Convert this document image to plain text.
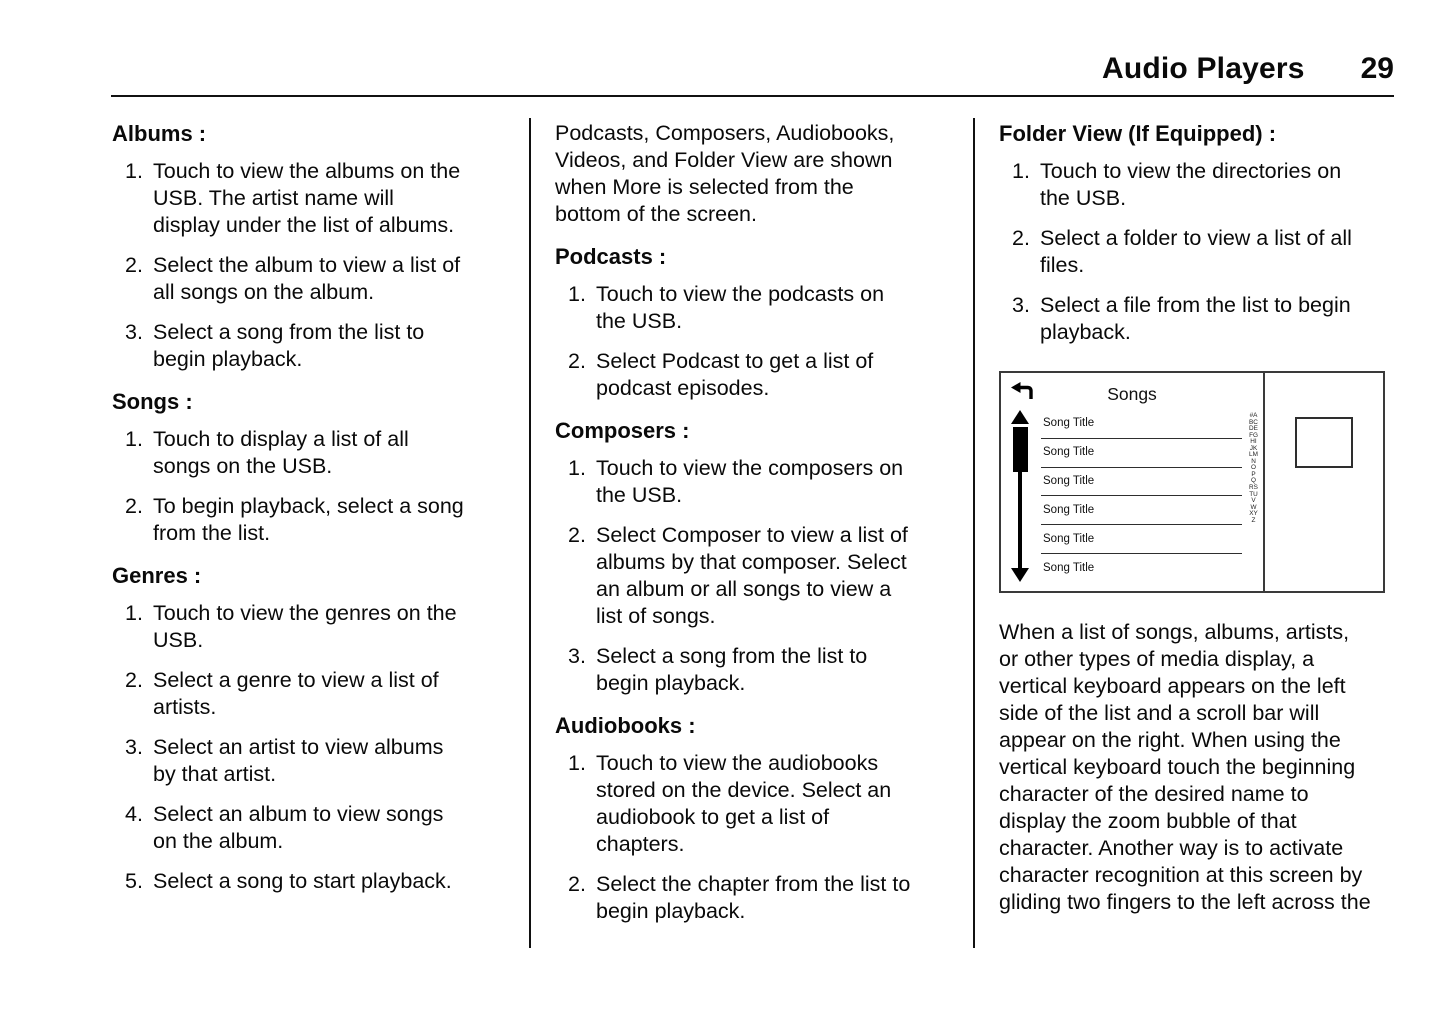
Audio Players 29
Albums :
1. Touch to view the albums on the USB. The artist name will display under the list of albums.
2. Select the album to view a list of all songs on the album.
3. Select a song from the list to begin playback.
Songs :
1. Touch to display a list of all songs on the USB.
2. To begin playback, select a song from the list.
Genres :
1. Touch to view the genres on the USB.
2. Select a genre to view a list of artists.
3. Select an artist to view albums by that artist.
4. Select an album to view songs on the album.
5. Select a song to start playback.
Podcasts, Composers, Audiobooks, Videos, and Folder View are shown when More is selected from the bottom of the screen.
Podcasts :
1. Touch to view the podcasts on the USB.
2. Select Podcast to get a list of podcast episodes.
Composers :
1. Touch to view the composers on the USB.
2. Select Composer to view a list of albums by that composer. Select an album or all songs to view a list of songs.
3. Select a song from the list to begin playback.
Audiobooks :
1. Touch to view the audiobooks stored on the device. Select an audiobook to get a list of chapters.
2. Select the chapter from the list to begin playback.
Folder View (If Equipped) :
1. Touch to view the directories on the USB.
2. Select a folder to view a list of all files.
3. Select a file from the list to begin playback.
Songs
Song Title
Song Title
Song Title
Song Title
Song Title
Song Title
#ABCDEFGHIJKLMNOPQRSTUVWXYZ
When a list of songs, albums, artists, or other types of media display, a vertical keyboard appears on the left side of the list and a scroll bar will appear on the right. When using the vertical keyboard touch the beginning character of the desired name to display the zoom bubble of that character. Another way is to activate character recognition at this screen by gliding two fingers to the left across the
